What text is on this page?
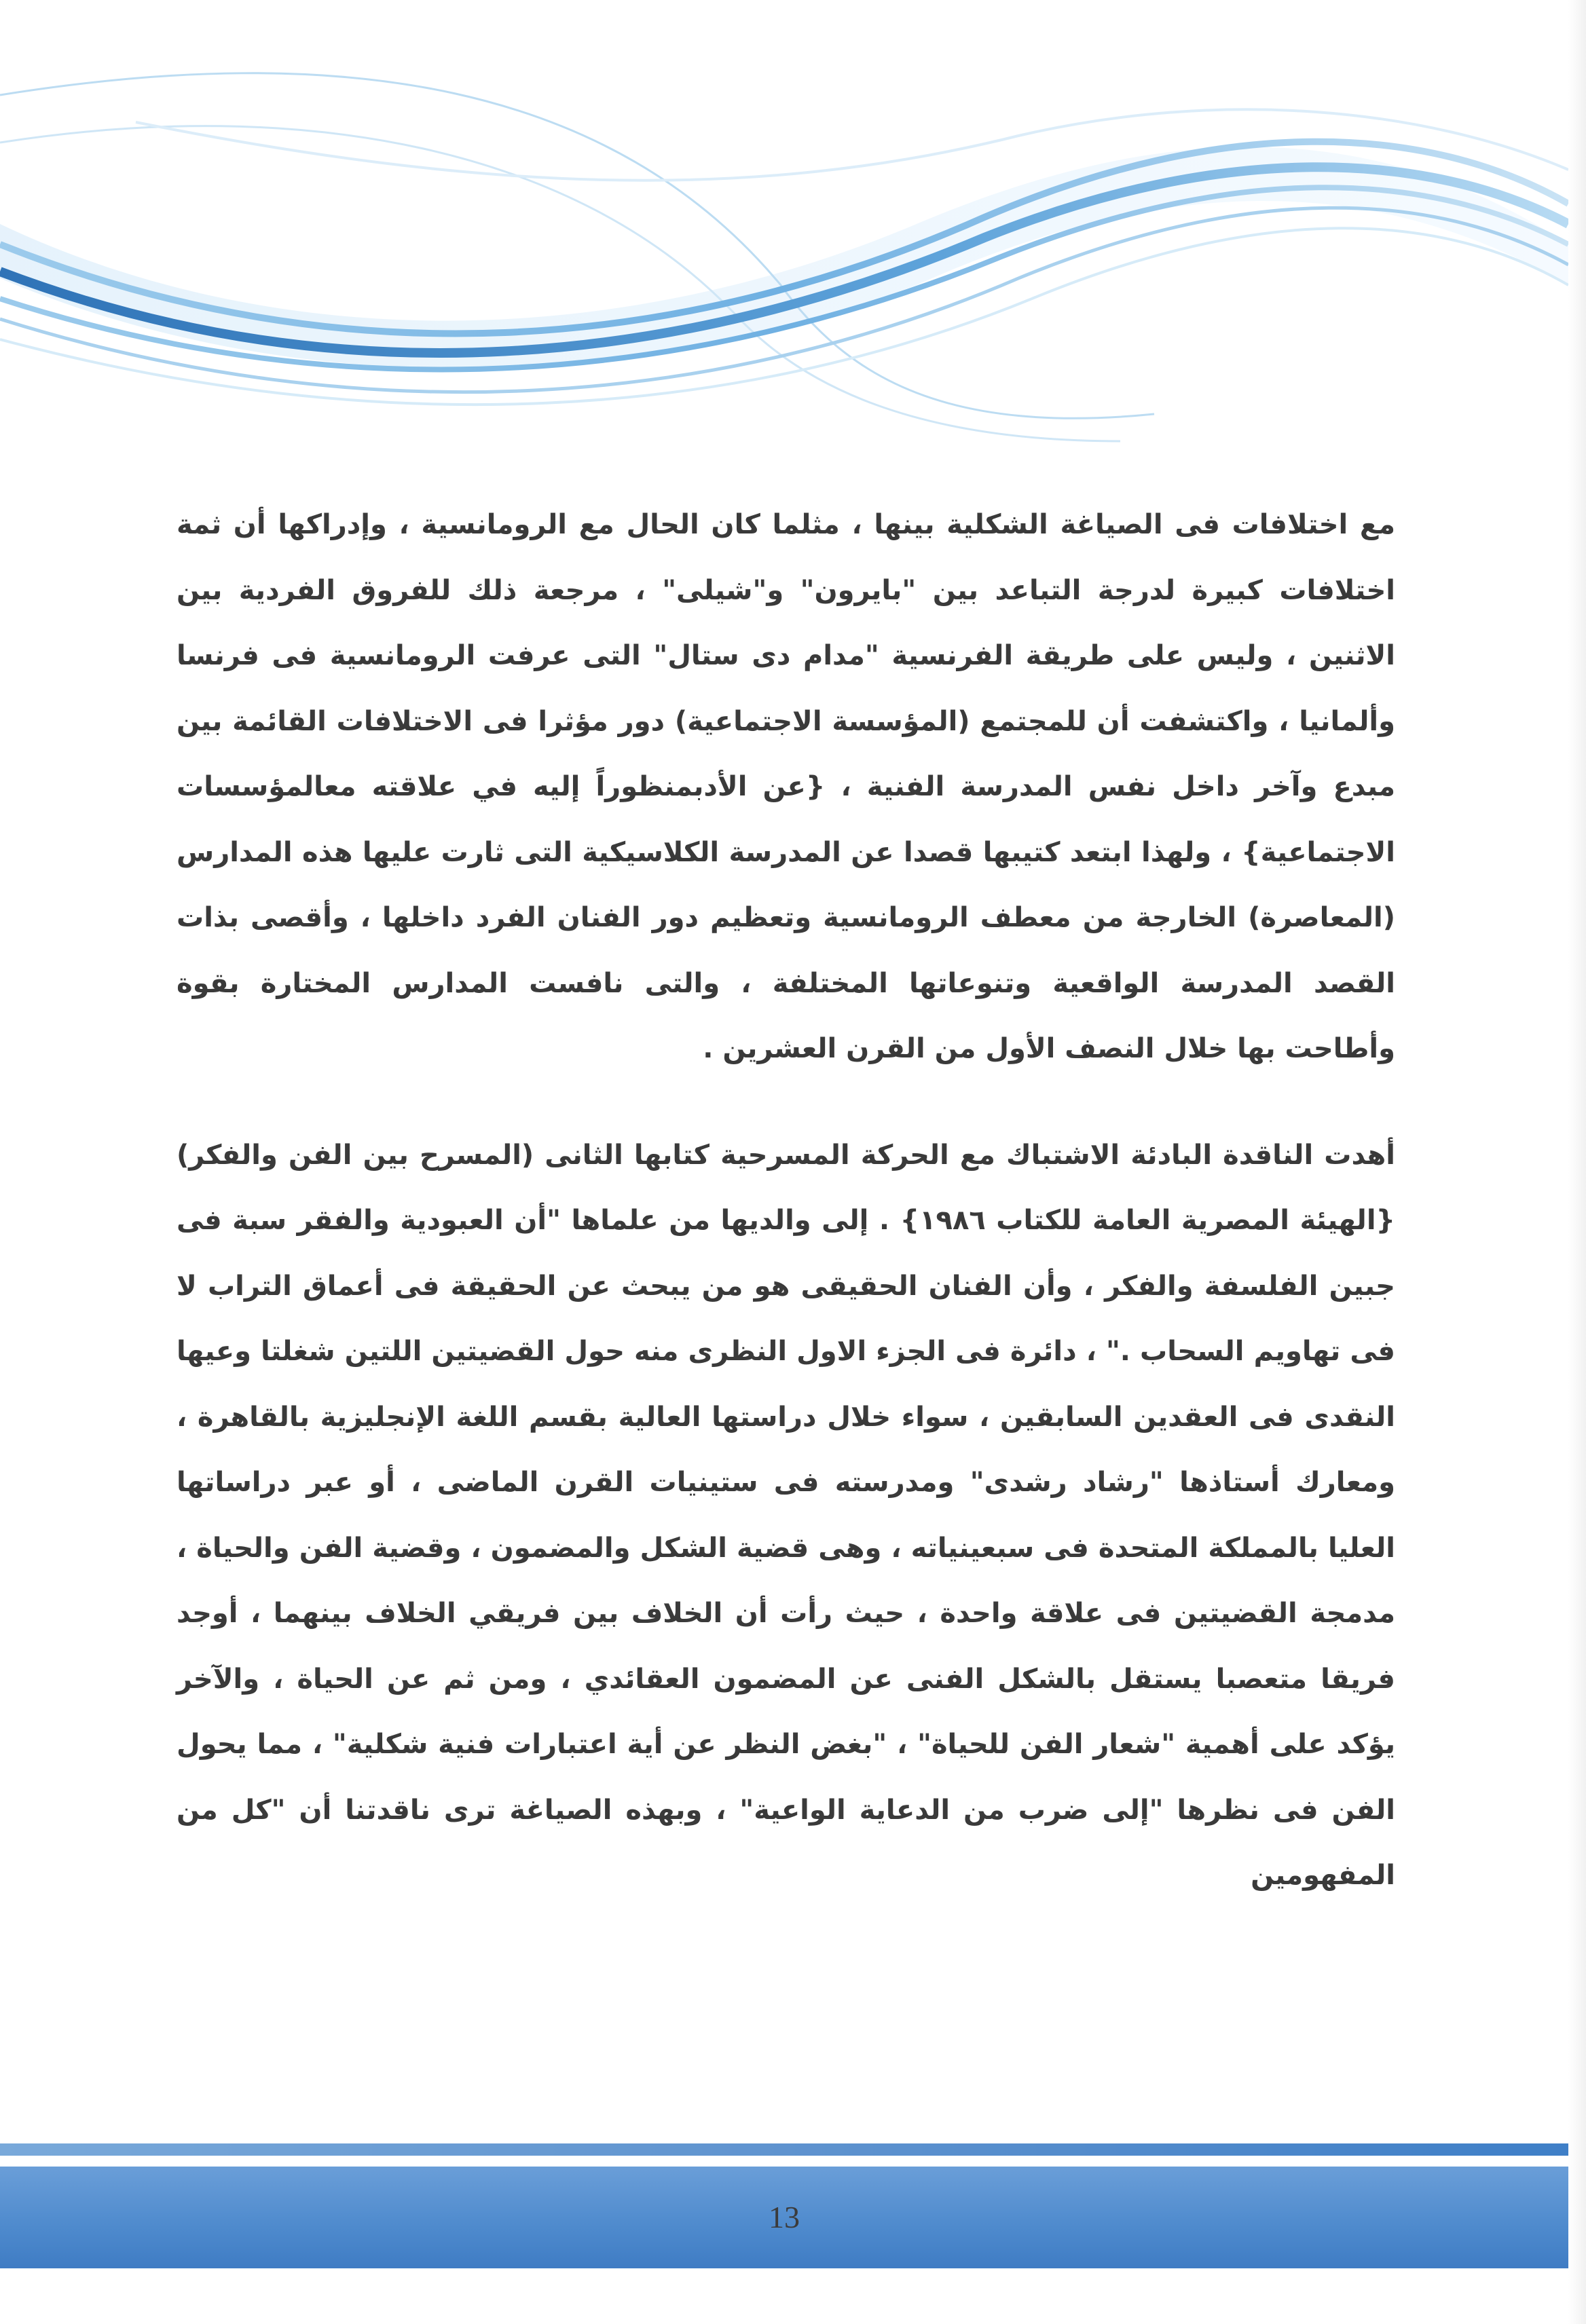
مع اختلافات فى الصياغة الشكلية بينها ، مثلما كان الحال مع الرومانسية ، وإدراكها أن ثمة اختلافات كبيرة لدرجة التباعد بين "بايرون" و"شيلى" ، مرجعة ذلك للفروق الفردية بين الاثنين ، وليس على طريقة الفرنسية "مدام دى ستال" التى عرفت الرومانسية فى فرنسا وألمانيا ، واكتشفت أن للمجتمع (المؤسسة الاجتماعية) دور مؤثرا فى الاختلافات القائمة بين مبدع وآخر داخل نفس المدرسة الفنية ، {عن الأدبمنظوراً إليه في علاقته معالمؤسسات الاجتماعية} ، ولهذا ابتعد كتيبها قصدا عن المدرسة الكلاسيكية التى ثارت عليها هذه المدارس (المعاصرة) الخارجة من معطف الرومانسية وتعظيم دور الفنان الفرد داخلها ، وأقصى بذات القصد المدرسة الواقعية وتنوعاتها المختلفة ، والتى نافست المدارس المختارة بقوة وأطاحت بها خلال النصف الأول من القرن العشرين .

أهدت الناقدة البادئة الاشتباك مع الحركة المسرحية كتابها الثانى (المسرح بين الفن والفكر){الهيئة المصرية العامة للكتاب ١٩٨٦} . إلى والديها من علماها "أن العبودية والفقر سبة فى جبين الفلسفة والفكر ، وأن الفنان الحقيقى هو من يبحث عن الحقيقة فى أعماق التراب لا فى تهاويم السحاب ." ، دائرة فى الجزء الاول النظرى منه حول القضيتين اللتين شغلتا وعيها النقدى فى العقدين السابقين ، سواء خلال دراستها العالية بقسم اللغة الإنجليزية بالقاهرة ، ومعارك أستاذها "رشاد رشدى" ومدرسته فى ستينيات القرن الماضى ، أو عبر دراساتها العليا بالمملكة المتحدة فى سبعينياته ، وهى قضية الشكل والمضمون ، وقضية الفن والحياة ، مدمجة القضيتين فى علاقة واحدة ، حيث رأت أن الخلاف بين فريقي الخلاف بينهما ، أوجد فريقا متعصبا يستقل بالشكل الفنى عن المضمون العقائدي ، ومن ثم عن الحياة ، والآخر يؤكد على أهمية "شعار الفن للحياة" ، "بغض النظر عن أية اعتبارات فنية شكلية" ، مما يحول الفن فى نظرها "إلى ضرب من الدعاية الواعية" ، وبهذه الصياغة ترى ناقدتنا أن "كل من المفهومين

13
